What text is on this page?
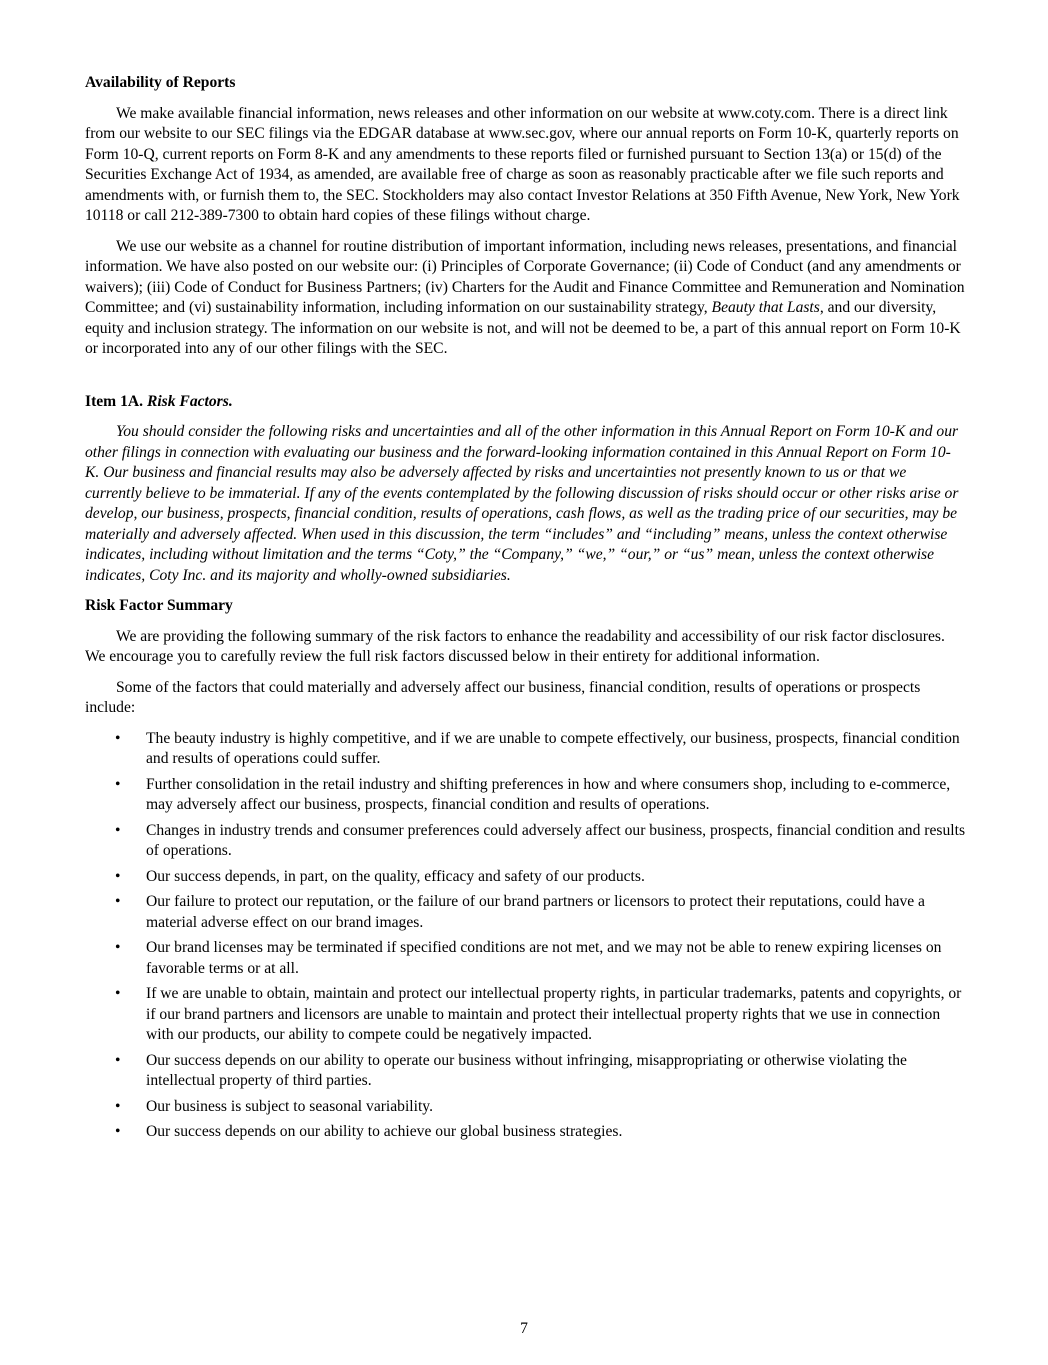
Availability of Reports

We make available financial information, news releases and other information on our website at www.coty.com. There is a direct link from our website to our SEC filings via the EDGAR database at www.sec.gov, where our annual reports on Form 10-K, quarterly reports on Form 10-Q, current reports on Form 8-K and any amendments to these reports filed or furnished pursuant to Section 13(a) or 15(d) of the Securities Exchange Act of 1934, as amended, are available free of charge as soon as reasonably practicable after we file such reports and amendments with, or furnish them to, the SEC. Stockholders may also contact Investor Relations at 350 Fifth Avenue, New York, New York 10118 or call 212-389-7300 to obtain hard copies of these filings without charge.

We use our website as a channel for routine distribution of important information, including news releases, presentations, and financial information. We have also posted on our website our: (i) Principles of Corporate Governance; (ii) Code of Conduct (and any amendments or waivers); (iii) Code of Conduct for Business Partners; (iv) Charters for the Audit and Finance Committee and Remuneration and Nomination Committee; and (vi) sustainability information, including information on our sustainability strategy, Beauty that Lasts, and our diversity, equity and inclusion strategy. The information on our website is not, and will not be deemed to be, a part of this annual report on Form 10-K or incorporated into any of our other filings with the SEC.

Item 1A. Risk Factors.

You should consider the following risks and uncertainties and all of the other information in this Annual Report on Form 10-K and our other filings in connection with evaluating our business and the forward-looking information contained in this Annual Report on Form 10-K. Our business and financial results may also be adversely affected by risks and uncertainties not presently known to us or that we currently believe to be immaterial. If any of the events contemplated by the following discussion of risks should occur or other risks arise or develop, our business, prospects, financial condition, results of operations, cash flows, as well as the trading price of our securities, may be materially and adversely affected. When used in this discussion, the term “includes” and “including” means, unless the context otherwise indicates, including without limitation and the terms “Coty,” the “Company,” “we,” “our,” or “us” mean, unless the context otherwise indicates, Coty Inc. and its majority and wholly-owned subsidiaries.

Risk Factor Summary

We are providing the following summary of the risk factors to enhance the readability and accessibility of our risk factor disclosures. We encourage you to carefully review the full risk factors discussed below in their entirety for additional information.

Some of the factors that could materially and adversely affect our business, financial condition, results of operations or prospects include:

• The beauty industry is highly competitive, and if we are unable to compete effectively, our business, prospects, financial condition and results of operations could suffer.
• Further consolidation in the retail industry and shifting preferences in how and where consumers shop, including to e-commerce, may adversely affect our business, prospects, financial condition and results of operations.
• Changes in industry trends and consumer preferences could adversely affect our business, prospects, financial condition and results of operations.
• Our success depends, in part, on the quality, efficacy and safety of our products.
• Our failure to protect our reputation, or the failure of our brand partners or licensors to protect their reputations, could have a material adverse effect on our brand images.
• Our brand licenses may be terminated if specified conditions are not met, and we may not be able to renew expiring licenses on favorable terms or at all.
• If we are unable to obtain, maintain and protect our intellectual property rights, in particular trademarks, patents and copyrights, or if our brand partners and licensors are unable to maintain and protect their intellectual property rights that we use in connection with our products, our ability to compete could be negatively impacted.
• Our success depends on our ability to operate our business without infringing, misappropriating or otherwise violating the intellectual property of third parties.
• Our business is subject to seasonal variability.
• Our success depends on our ability to achieve our global business strategies.
7
